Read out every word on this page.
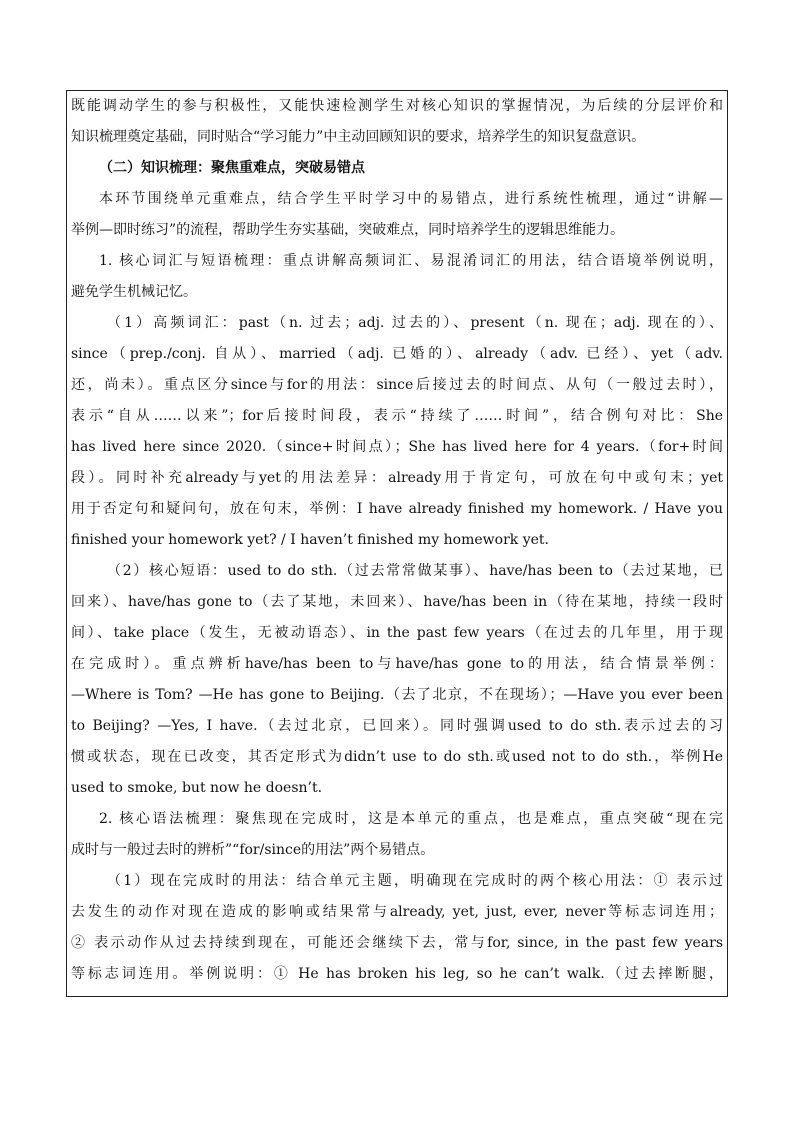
既能调动学生的参与积极性，又能快速检测学生对核心知识的掌握情况，为后续的分层评价和
知识梳理奠定基础，同时贴合“学习能力”中主动回顾知识的要求，培养学生的知识复盘意识。
（二）知识梳理：聚焦重难点，突破易错点
本环节围绕单元重难点，结合学生平时学习中的易错点，进行系统性梳理，通过“讲解—
举例—即时练习”的流程，帮助学生夯实基础，突破难点，同时培养学生的逻辑思维能力。
1. 核心词汇与短语梳理：重点讲解高频词汇、易混淆词汇的用法，结合语境举例说明，
避免学生机械记忆。
（1）高频词汇：past（n. 过去；adj. 过去的）、present（n. 现在；adj. 现在的）、
since（prep./conj. 自从）、married（adj. 已婚的）、already（adv. 已经）、yet（adv.
还，尚未）。重点区分since与for的用法：since后接过去的时间点、从句（一般过去时），
表示“自从……以来”；for后接时间段，表示“持续了……时间”，结合例句对比：She
has lived here since 2020.（since+时间点）；She has lived here for 4 years.（for+时间
段）。同时补充already与yet的用法差异：already用于肯定句，可放在句中或句末；yet
用于否定句和疑问句，放在句末，举例：I have already finished my homework. / Have you
finished your homework yet? / I haven’t finished my homework yet.
（2）核心短语：used to do sth.（过去常常做某事）、have/has been to（去过某地，已
回来）、have/has gone to（去了某地，未回来）、have/has been in（待在某地，持续一段时
间）、take place（发生，无被动语态）、in the past few years（在过去的几年里，用于现
在完成时）。重点辨析have/has been to与have/has gone to的用法，结合情景举例：
—Where is Tom? —He has gone to Beijing.（去了北京，不在现场）；—Have you ever been
to Beijing? —Yes, I have.（去过北京，已回来）。同时强调used to do sth.表示过去的习
惯或状态，现在已改变，其否定形式为didn’t use to do sth.或used not to do sth.，举例He
used to smoke, but now he doesn’t.
2. 核心语法梳理：聚焦现在完成时，这是本单元的重点，也是难点，重点突破“现在完
成时与一般过去时的辨析”“for/since的用法”两个易错点。
（1）现在完成时的用法：结合单元主题，明确现在完成时的两个核心用法：① 表示过
去发生的动作对现在造成的影响或结果常与already, yet, just, ever, never等标志词连用；
② 表示动作从过去持续到现在，可能还会继续下去，常与for, since, in the past few years
等标志词连用。举例说明：① He has broken his leg, so he can’t walk.（过去摔断腿，
